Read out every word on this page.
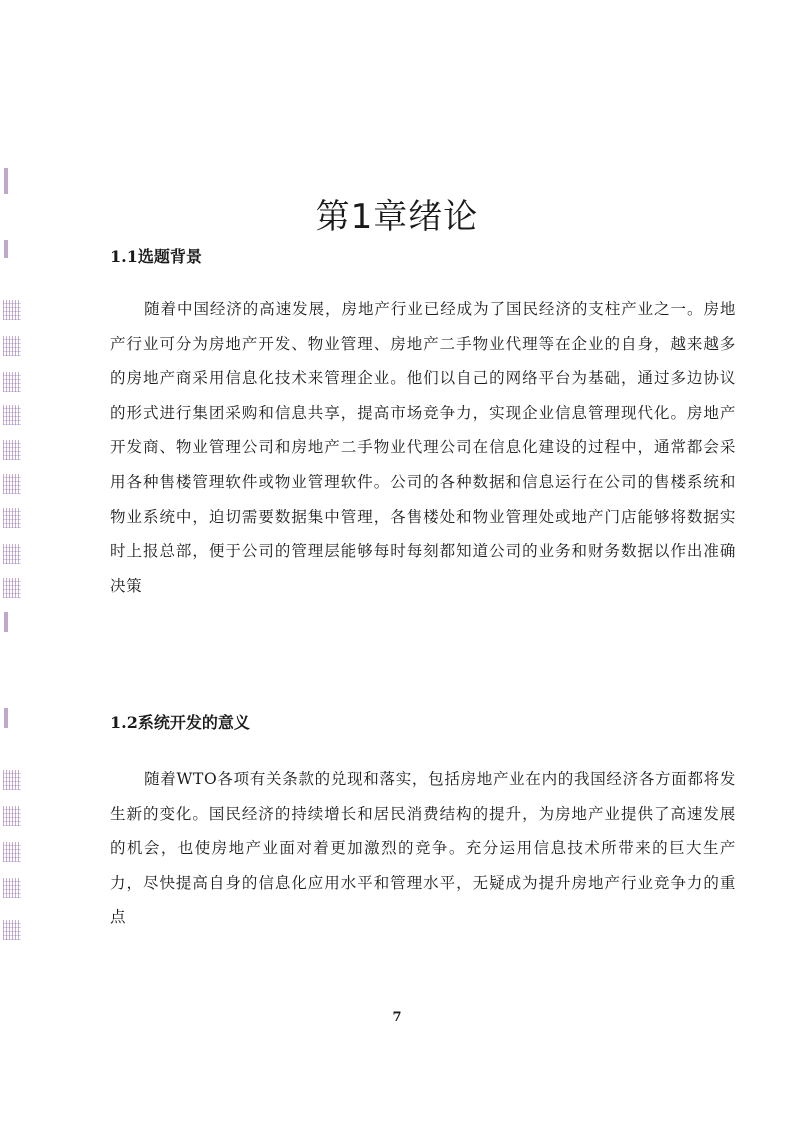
第1章绪论
1.1选题背景

随着中国经济的高速发展，房地产行业已经成为了国民经济的支柱产业之一。房地产行业可分为房地产开发、物业管理、房地产二手物业代理等在企业的自身，越来越多的房地产商采用信息化技术来管理企业。他们以自己的网络平台为基础，通过多边协议的形式进行集团采购和信息共享，提高市场竞争力，实现企业信息管理现代化。房地产开发商、物业管理公司和房地产二手物业代理公司在信息化建设的过程中，通常都会采用各种售楼管理软件或物业管理软件。公司的各种数据和信息运行在公司的售楼系统和物业系统中，迫切需要数据集中管理，各售楼处和物业管理处或地产门店能够将数据实时上报总部，便于公司的管理层能够每时每刻都知道公司的业务和财务数据以作出准确决策

1.2系统开发的意义

随着WTO各项有关条款的兑现和落实，包括房地产业在内的我国经济各方面都将发生新的变化。国民经济的持续增长和居民消费结构的提升，为房地产业提供了高速发展的机会，也使房地产业面对着更加激烈的竞争。充分运用信息技术所带来的巨大生产力，尽快提高自身的信息化应用水平和管理水平，无疑成为提升房地产行业竞争力的重点

7
